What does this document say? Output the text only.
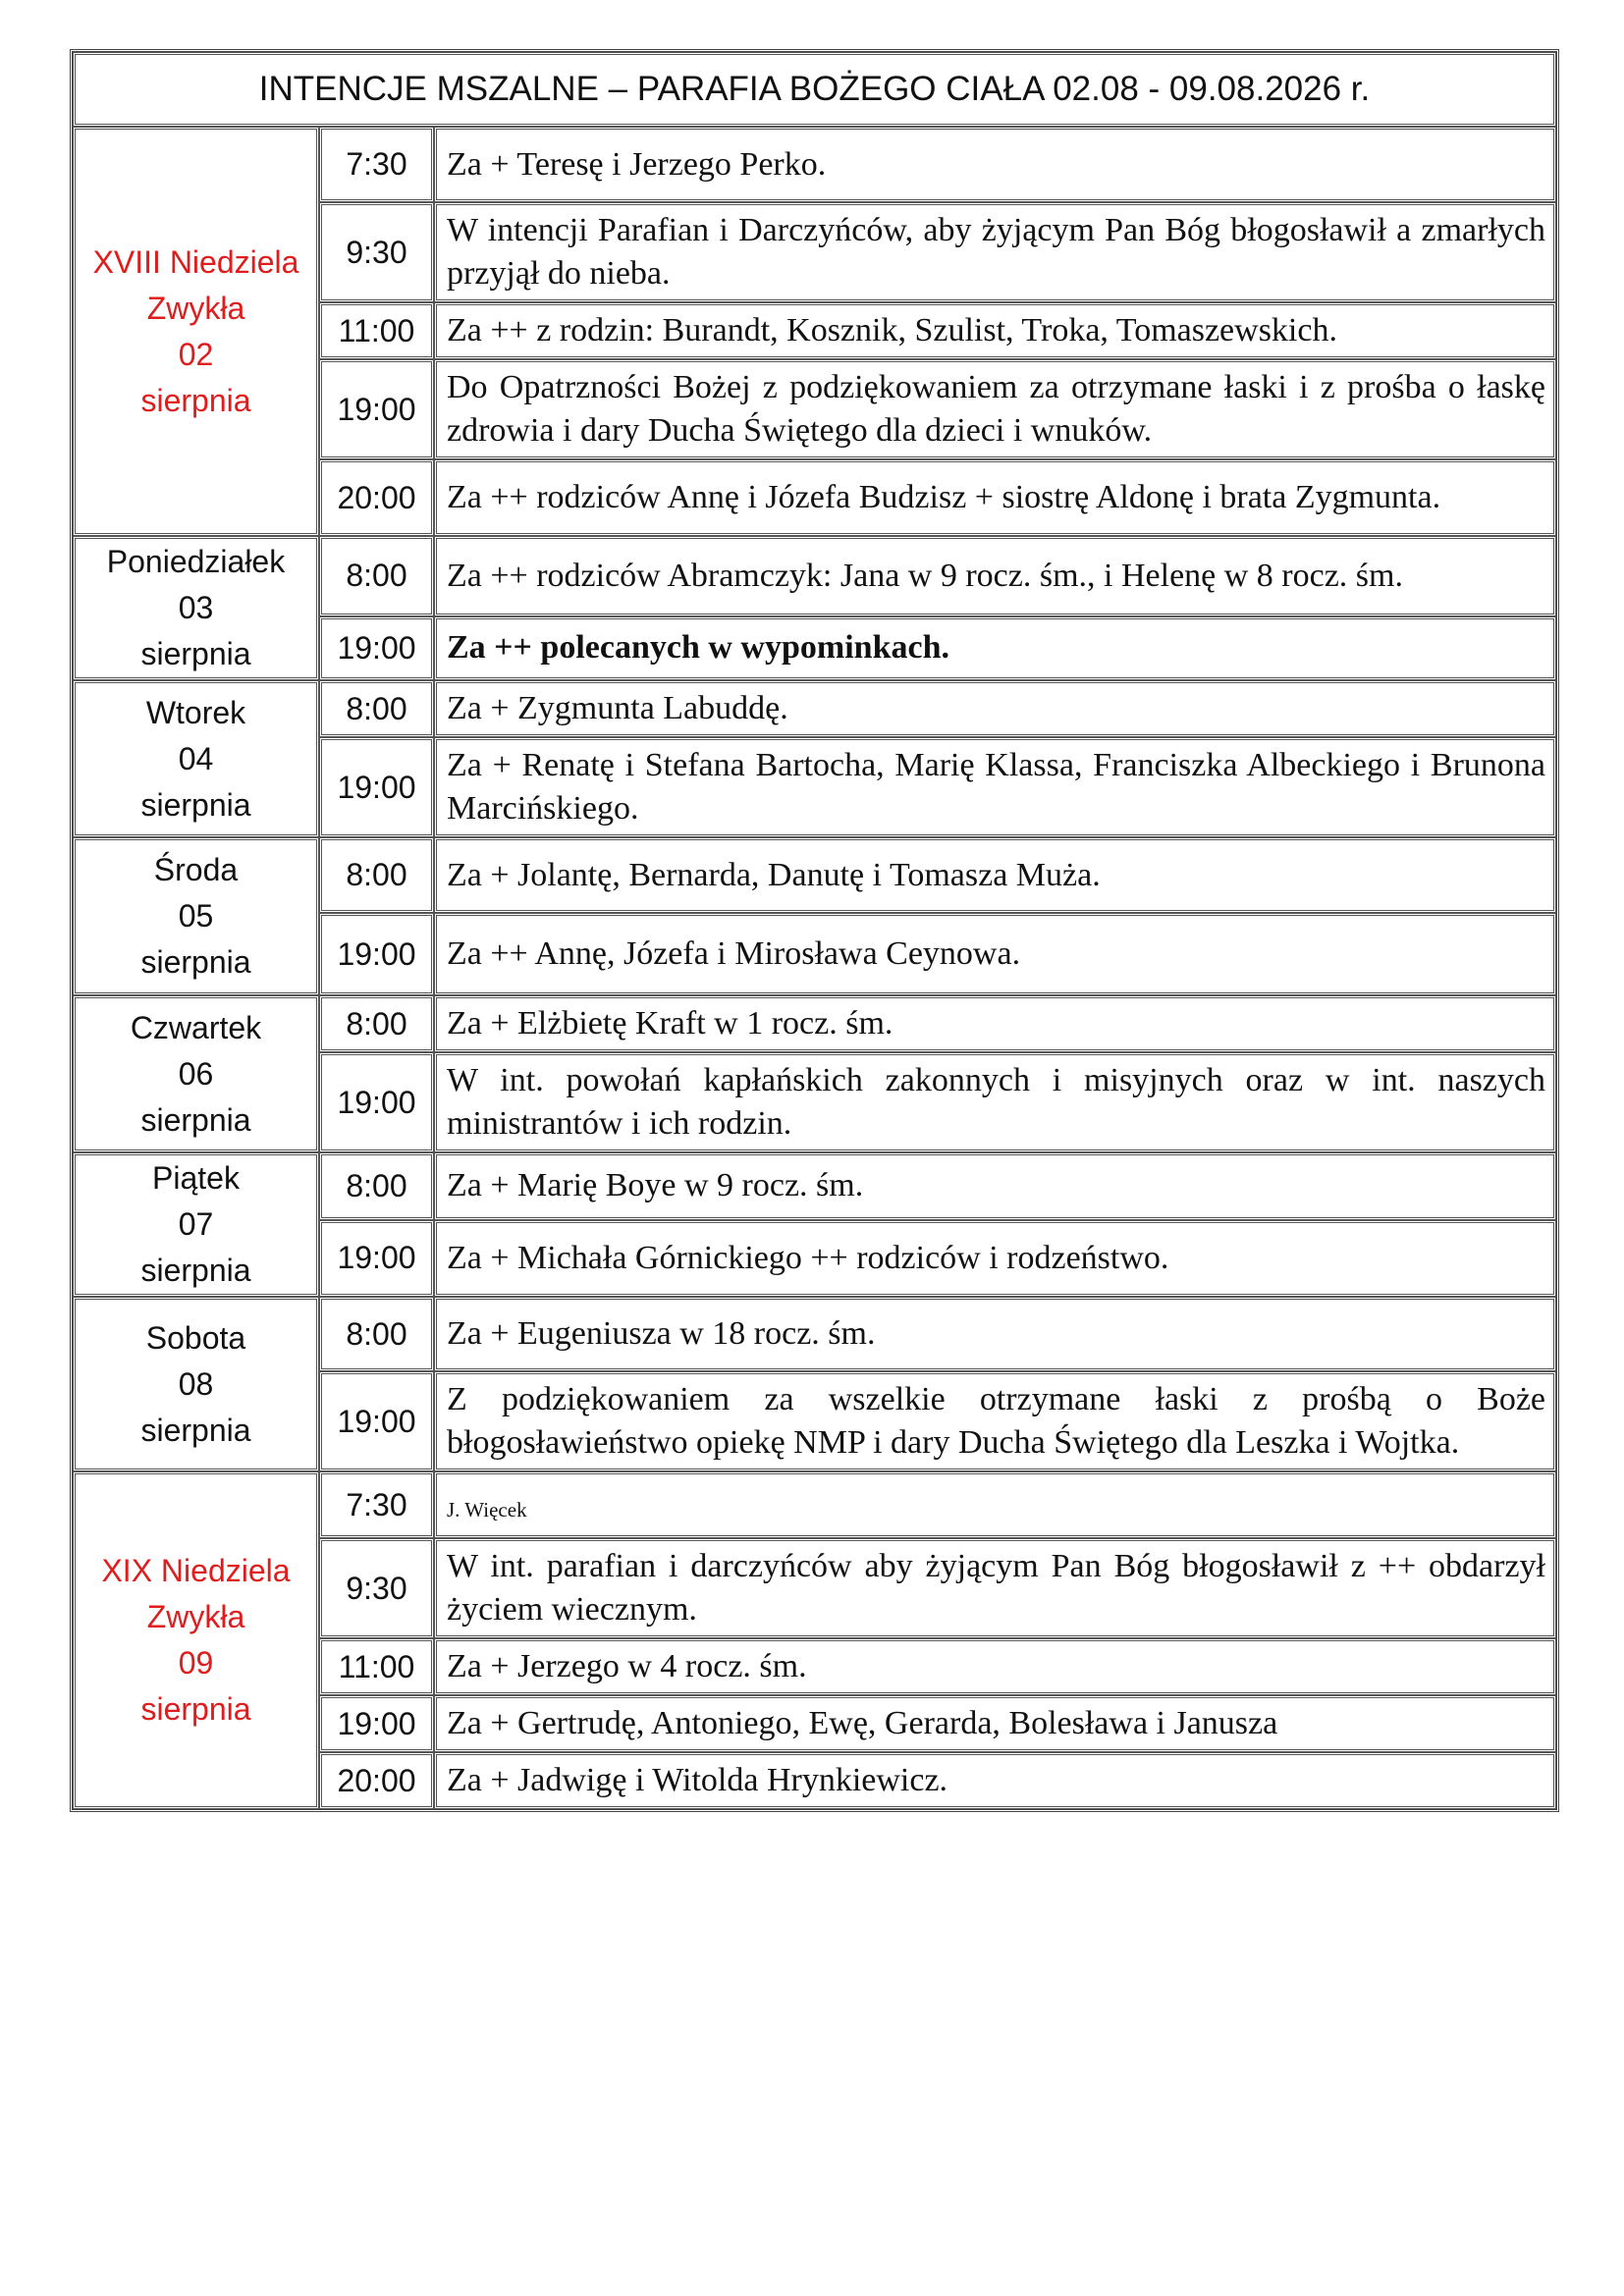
INTENCJE MSZALNE – PARAFIA BOŻEGO CIAŁA 02.08 - 09.08.2026 r.		

XVIII Niedziela
Zwykła
02
sierpnia	7:30	Za + Teresę i Jerzego Perko.
	9:30	W intencji Parafian i Darczyńców, aby żyjącym Pan Bóg błogosławił a zmarłych przyjął do nieba.
	11:00	Za ++ z rodzin: Burandt, Kosznik, Szulist, Troka, Tomaszewskich.
	19:00	Do Opatrzności Bożej z podziękowaniem za otrzymane łaski i z prośba o łaskę zdrowia i dary Ducha Świętego dla dzieci i wnuków.
	20:00	Za ++ rodziców Annę i Józefa Budzisz + siostrę Aldonę i brata Zygmunta.

Poniedziałek
03
sierpnia	8:00	Za ++ rodziców Abramczyk: Jana w 9 rocz. śm., i Helenę w 8 rocz. śm.
	19:00	Za ++ polecanych w wypominkach.

Wtorek
04
sierpnia	8:00	Za + Zygmunta Labuddę.
	19:00	Za + Renatę i Stefana Bartocha, Marię Klassa, Franciszka Albeckiego i Brunona Marcińskiego.

Środa
05
sierpnia	8:00	Za + Jolantę, Bernarda, Danutę i Tomasza Muża.
	19:00	Za ++ Annę, Józefa i Mirosława Ceynowa.

Czwartek
06
sierpnia	8:00	Za + Elżbietę Kraft w 1 rocz. śm.
	19:00	W int. powołań kapłańskich zakonnych i misyjnych oraz w int. naszych ministrantów i ich rodzin.

Piątek
07
sierpnia	8:00	Za + Marię Boye w 9 rocz. śm.
	19:00	Za + Michała Górnickiego ++ rodziców i rodzeństwo.

Sobota
08
sierpnia	8:00	Za + Eugeniusza w 18 rocz. śm.
	19:00	Z podziękowaniem za wszelkie otrzymane łaski z prośbą o Boże błogosławieństwo opiekę NMP i dary Ducha Świętego dla Leszka i Wojtka.

XIX Niedziela
Zwykła
09
sierpnia	7:30	J. Więcek
	9:30	W int. parafian i darczyńców aby żyjącym Pan Bóg błogosławił z ++ obdarzył życiem wiecznym.
	11:00	Za + Jerzego w 4 rocz. śm.
	19:00	Za + Gertrudę, Antoniego, Ewę, Gerarda, Bolesława i Janusza
	20:00	Za + Jadwigę i Witolda Hrynkiewicz.
